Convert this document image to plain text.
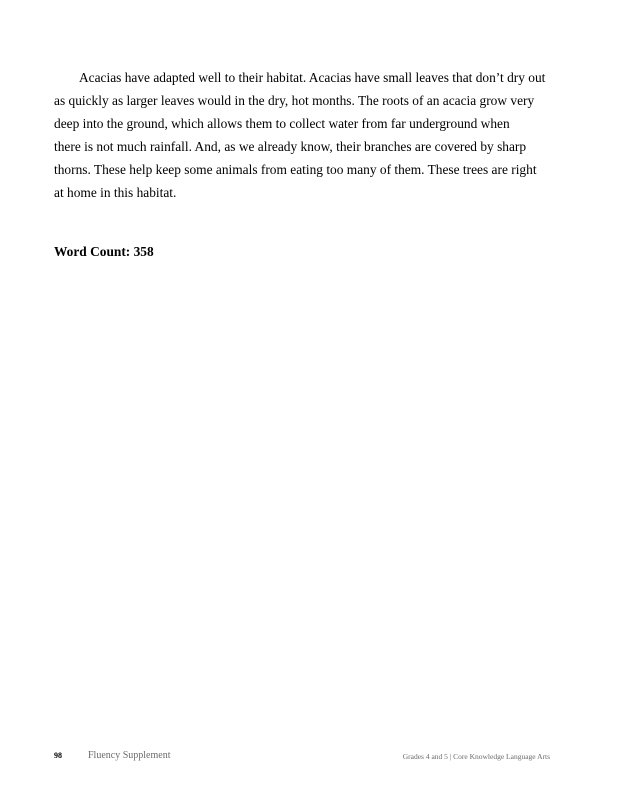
Acacias have adapted well to their habitat. Acacias have small leaves that don’t dry out

as quickly as larger leaves would in the dry, hot months. The roots of an acacia grow very

deep into the ground, which allows them to collect water from far underground when

there is not much rainfall. And, as we already know, their branches are covered by sharp

thorns. These help keep some animals from eating too many of them. These trees are right

at home in this habitat.

Word Count: 358

98	Fluency Supplement	Grades 4 and 5 | Core Knowledge Language Arts
